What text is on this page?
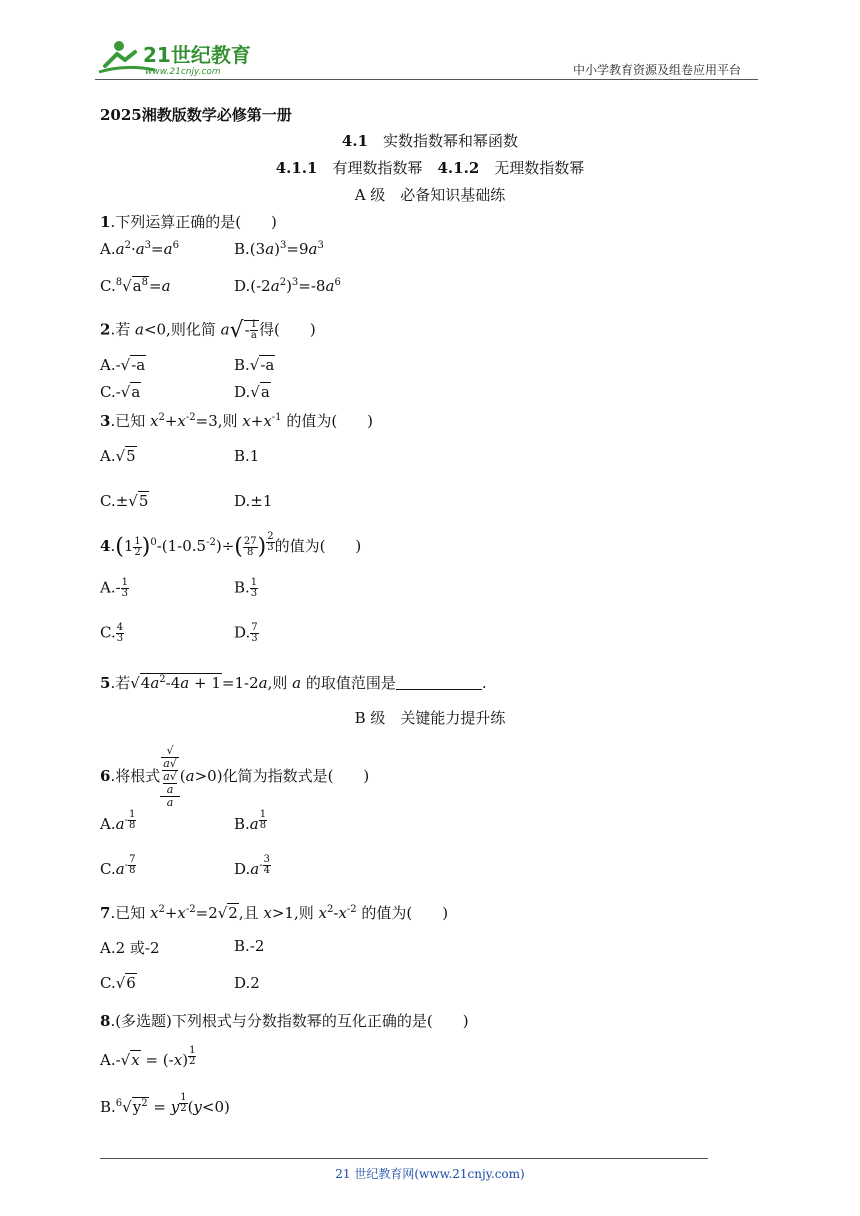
21世纪教育
www.21cnjy.com	中小学教育资源及组卷应用平台
2025湘教版数学必修第一册
4.1　 实数指数幂和幂函数
4.1.1　 有理数指数幂　 4.1.2　 无理数指数幂
A 级　必备知识基础练
1.下列运算正确的是(　　)
$A.a^2\cdot a^3=a^6$	$B.(3a)^3=9a^3$
$C.^8√a^8=a$	$D.(-2a^2)^3=-8a^6$
2.若 a<0,则化简 $a√- \frac{1}{a}$ 得(　　)
A.-√-a	B.√-a
C.-√a	D.√a
3.已知 $x^2+x^{-2}=3$,则 $x+x^{-1}$ 的值为(　　)
A.√5	B.1
C.±√5	D.±1
$4.(1 \frac{1}{2} )^0-(1-0.5^{-2})\div( \frac{27}{8}$ ) $^{\frac{2}{3}}$ 的值为(　　)
$A.- \frac{1}{3}$	B. $\frac{1}{3}$
C. $\frac{4}{3}$	D. $\frac{7}{3}$
5.若$√4a^2-4a + 1=1-2a$,则 a 的取值范围是	.
B 级　关键能力提升练
6.将根式 √
a√
a√
a
a (a>0)化简为指数式是(　　)
$A.a^{- \frac{1}{8}}$	B.a $^{\frac{1}{8}}$
$C.a^{- \frac{7}{8}}$	$D.a^{- \frac{3}{4}}$
7.已知 $x^2+x^{-2}=2√2$,且 x>1,则 $x^2-x^{-2}$ 的值为(　　)
A.2 或-2	B.-2
C.√6	D.2
8.(多选题)下列根式与分数指数幂的互化正确的是(　　)
A.-√x = (-x) $^{\frac{1}{2}}$
$B.^6√y^2 = y$ $^{\frac{1}{2}}$ (y<0)
21 世纪教育网(www.21cnjy.com)
